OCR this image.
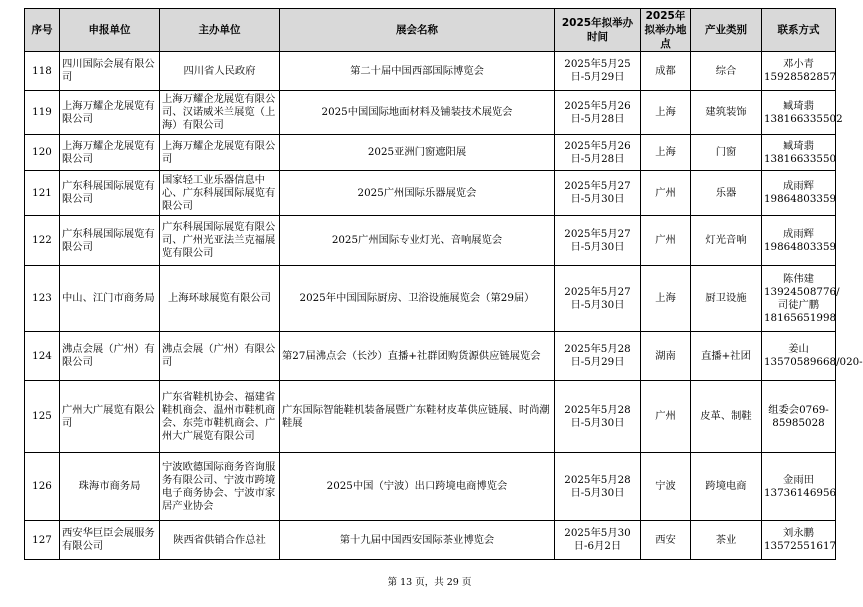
序号	申报单位	主办单位	展会名称	2025年拟举办时间	2025年拟举办地点	产业类别	联系方式
118	四川国际会展有限公司	四川省人民政府	第二十届中国西部国际博览会	2025年5月25日-5月29日	成都	综合	邓小青 15928582857
119	上海万耀企龙展览有限公司	上海万耀企龙展览有限公司、汉诺威米兰展览（上海）有限公司	2025中国国际地面材料及铺装技术展览会	2025年5月26日-5月28日	上海	建筑装饰	臧琦翡 138166335502
120	上海万耀企龙展览有限公司	上海万耀企龙展览有限公司	2025亚洲门窗遮阳展	2025年5月26日-5月28日	上海	门窗	臧琦翡 13816633550
121	广东科展国际展览有限公司	国家轻工业乐器信息中心、广东科展国际展览有限公司	2025广州国际乐器展览会	2025年5月27日-5月30日	广州	乐器	成雨辉 19864803359
122	广东科展国际展览有限公司	广东科展国际展览有限公司、广州光亚法兰克福展览有限公司	2025广州国际专业灯光、音响展览会	2025年5月27日-5月30日	广州	灯光音响	成雨辉 19864803359
123	中山、江门市商务局	上海环球展览有限公司	2025年中国国际厨房、卫浴设施展览会（第29届）	2025年5月27日-5月30日	上海	厨卫设施	陈伟建 13924508776/司徒广鹏 18165651998
124	沸点会展（广州）有限公司	沸点会展（广州）有限公司	第27届沸点会（长沙）直播+社群团购货源供应链展览会	2025年5月28日-5月29日	湖南	直播+社团	姜山 13570589668/020-
125	广州大广展览有限公司	广东省鞋机协会、福建省鞋机商会、温州市鞋机商会、东莞市鞋机商会、广州大广展览有限公司	广东国际智能鞋机装备展暨广东鞋材皮革供应链展、时尚潮鞋展	2025年5月28日-5月30日	广州	皮革、制鞋	组委会0769-85985028
126	珠海市商务局	宁波欧德国际商务咨询服务有限公司、宁波市跨境电子商务协会、宁波市家居产业协会	2025中国（宁波）出口跨境电商博览会	2025年5月28日-5月30日	宁波	跨境电商	金雨田 13736146956
127	西安华巨臣会展服务有限公司	陕西省供销合作总社	第十九届中国西安国际茶业博览会	2025年5月30日-6月2日	西安	茶业	刘永鹏 13572551617
第 13 页，共 29 页
